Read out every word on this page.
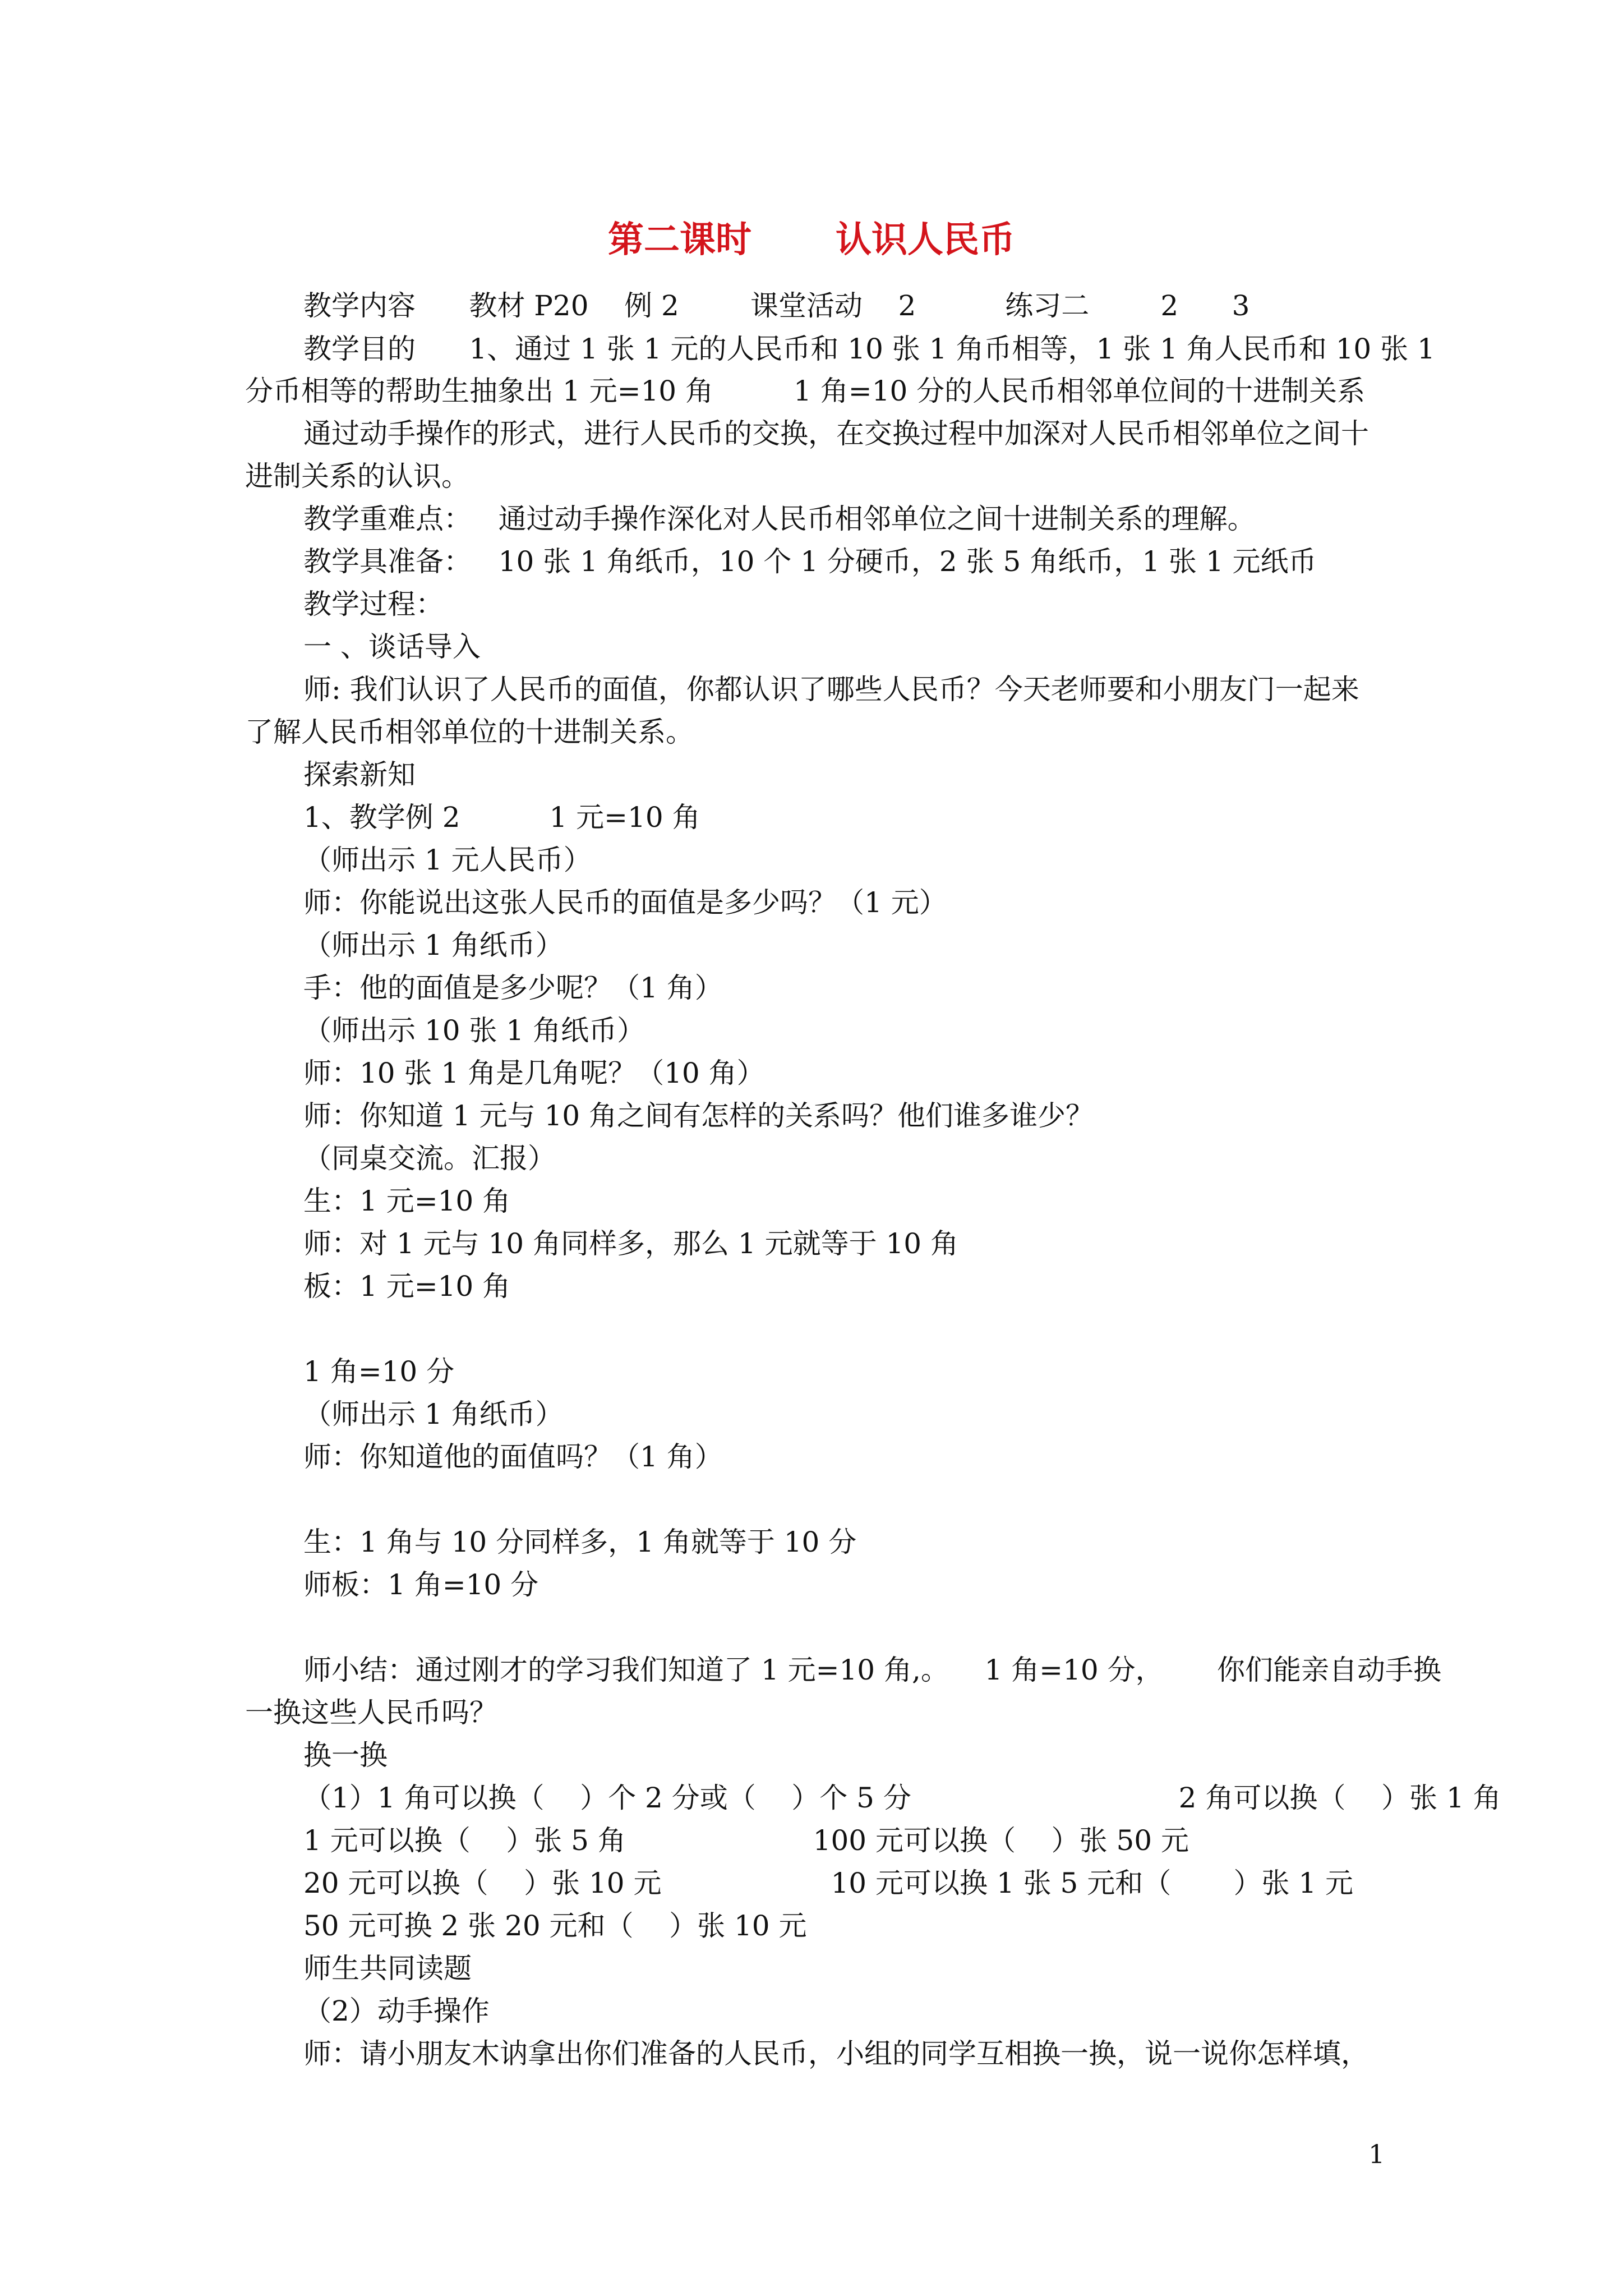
第二课时 认识人民币

教学内容      教材 P20    例 2        课堂活动    2          练习二        2      3

教学目的      1、通过 1 张 1 元的人民币和 10 张 1 角币相等，1 张 1 角人民币和 10 张 1

分币相等的帮助生抽象出 1 元=10 角         1 角=10 分的人民币相邻单位间的十进制关系

通过动手操作的形式，进行人民币的交换，在交换过程中加深对人民币相邻单位之间十

进制关系的认识。

教学重难点：   通过动手操作深化对人民币相邻单位之间十进制关系的理解。

教学具准备：   10 张 1 角纸币，10 个 1 分硬币，2 张 5 角纸币，1 张 1 元纸币

教学过程：

一 、谈话导入

师: 我们认识了人民币的面值，你都认识了哪些人民币？今天老师要和小朋友门一起来

了解人民币相邻单位的十进制关系。

探索新知

1、教学例 2          1 元=10 角

（师出示 1 元人民币）

师：你能说出这张人民币的面值是多少吗？（1 元）

（师出示 1 角纸币）

手：他的面值是多少呢？（1 角）

（师出示 10 张 1 角纸币）

师：10 张 1 角是几角呢？（10 角）

师：你知道 1 元与 10 角之间有怎样的关系吗？他们谁多谁少？

（同桌交流。汇报）

生：1 元=10 角

师：对 1 元与 10 角同样多，那么 1 元就等于 10 角

板：1 元=10 角

1 角=10 分

（师出示 1 角纸币）

师：你知道他的面值吗？（1 角）

生：1 角与 10 分同样多，1 角就等于 10 分

师板：1 角=10 分

师小结：通过刚才的学习我们知道了 1 元=10 角,。    1 角=10 分，      你们能亲自动手换

一换这些人民币吗？

换一换

（1）1 角可以换（    ）个 2 分或（    ）个 5 分                              2 角可以换（    ）张 1 角

1 元可以换（    ）张 5 角                     100 元可以换（    ）张 50 元

20 元可以换（    ）张 10 元                   10 元可以换 1 张 5 元和（       ）张 1 元

50 元可换 2 张 20 元和（    ）张 10 元

师生共同读题

（2）动手操作

师：请小朋友木讷拿出你们准备的人民币，小组的同学互相换一换，说一说你怎样填，

1
